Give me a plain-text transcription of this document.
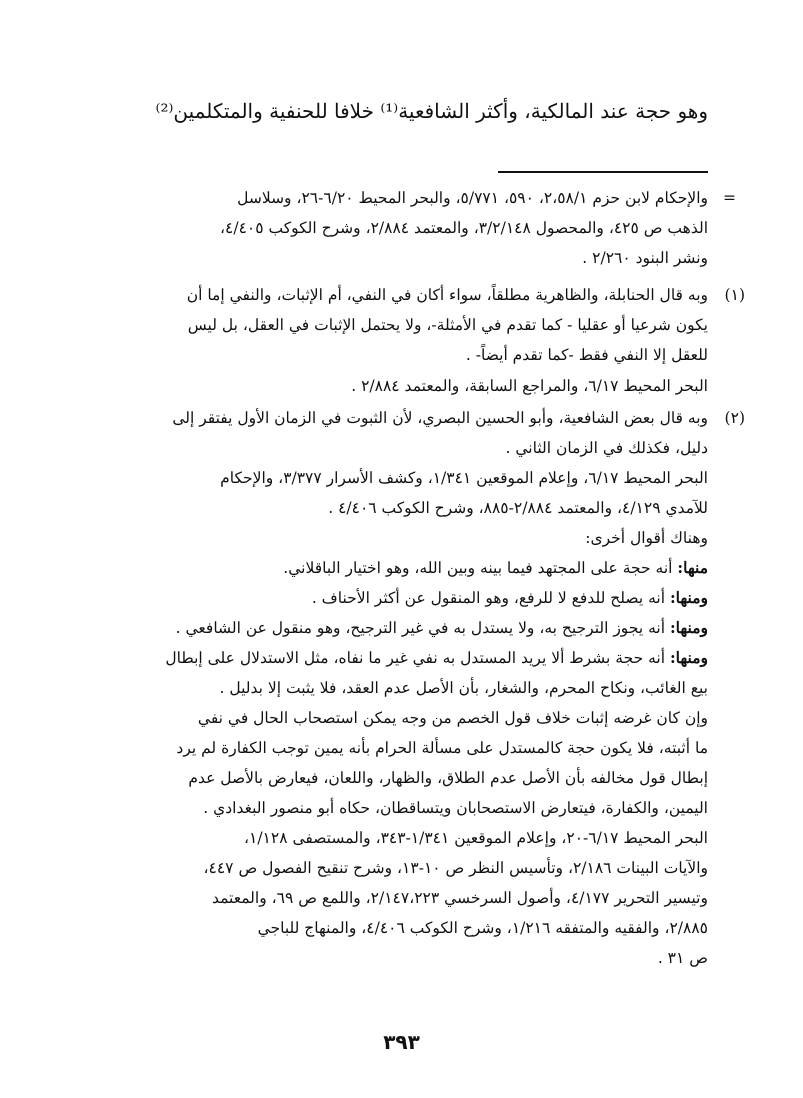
وهو حجة عند المالكية، وأكثر الشافعية⁽¹⁾ خلافا للحنفية والمتكلمين⁽²⁾
=
والإحكام لابن حزم ٢،٥٨/١، ٥٩٠، ٥/٧٧١، والبحر المحيط ٦/٢٠-٢٦، وسلاسل
الذهب ص ٤٢٥، والمحصول ٣/٢/١٤٨، والمعتمد ٢/٨٨٤، وشرح الكوكب ٤/٤٠٥،
ونشر البنود ٢/٢٦٠ .
(١)
وبه قال الحنابلة، والظاهرية مطلقاً، سواء أكان في النفي، أم الإثبات، والنفي إما أن
يكون شرعيا أو عقليا - كما تقدم في الأمثلة-، ولا يحتمل الإثبات في العقل، بل ليس
للعقل إلا النفي فقط -كما تقدم أيضاً- .
البحر المحيط ٦/١٧، والمراجع السابقة، والمعتمد ٢/٨٨٤ .
(٢)
وبه قال بعض الشافعية، وأبو الحسين البصري، لأن الثبوت في الزمان الأول يفتقر إلى
دليل، فكذلك في الزمان الثاني .
البحر المحيط ٦/١٧، وإعلام الموقعين ١/٣٤١، وكشف الأسرار ٣/٣٧٧، والإحكام
للآمدي ٤/١٢٩، والمعتمد ٢/٨٨٤-٨٨٥، وشرح الكوكب ٤/٤٠٦ .
وهناك أقوال أخرى:
منها: أنه حجة على المجتهد فيما بينه وبين الله، وهو اختيار الباقلاني.
ومنها: أنه يصلح للدفع لا للرفع، وهو المنقول عن أكثر الأحناف .
ومنها: أنه يجوز الترجيح به، ولا يستدل به في غير الترجيح، وهو منقول عن الشافعي .
ومنها: أنه حجة بشرط ألا يريد المستدل به نفي غير ما نفاه، مثل الاستدلال على إبطال
بيع الغائب، ونكاح المحرم، والشغار، بأن الأصل عدم العقد، فلا يثبت إلا بدليل .
وإن كان غرضه إثبات خلاف قول الخصم من وجه يمكن استصحاب الحال في نفي
ما أثبته، فلا يكون حجة كالمستدل على مسألة الحرام بأنه يمين توجب الكفارة لم يرد
إبطال قول مخالفه بأن الأصل عدم الطلاق، والظهار، واللعان، فيعارض بالأصل عدم
اليمين، والكفارة، فيتعارض الاستصحابان ويتساقطان، حكاه أبو منصور البغدادي .
البحر المحيط ٦/١٧-٢٠، وإعلام الموقعين ١/٣٤١-٣٤٣، والمستصفى ١/١٢٨،
والآيات البينات ٢/١٨٦، وتأسيس النظر ص ١٠-١٣، وشرح تنقيح الفصول ص ٤٤٧،
وتيسير التحرير ٤/١٧٧، وأصول السرخسي ٢/١٤٧،٢٢٣، واللمع ص ٦٩، والمعتمد
٢/٨٨٥، والفقيه والمتفقه ١/٢١٦، وشرح الكوكب ٤/٤٠٦، والمنهاج للباجي
ص ٣١ .
٣٩٣
